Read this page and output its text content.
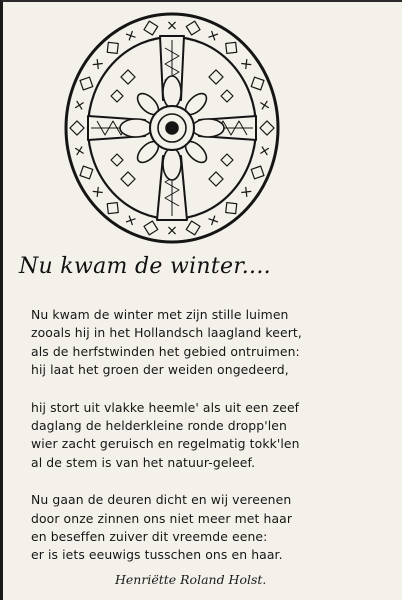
Nu kwam de winter....
Nu kwam de winter met zijn stille luimen
zooals hij in het Hollandsch laagland keert,
als de herfstwinden het gebied ontruimen:
hij laat het groen der weiden ongedeerd,
hij stort uit vlakke heemle' als uit een zeef
daglang de helderkleine ronde dropp'len
wier zacht geruisch en regelmatig tokk'len
al de stem is van het natuur-geleef.
Nu gaan de deuren dicht en wij vereenen
door onze zinnen ons niet meer met haar
en beseffen zuiver dit vreemde eene:
er is iets eeuwigs tusschen ons en haar.
Henriëtte Roland Holst.
